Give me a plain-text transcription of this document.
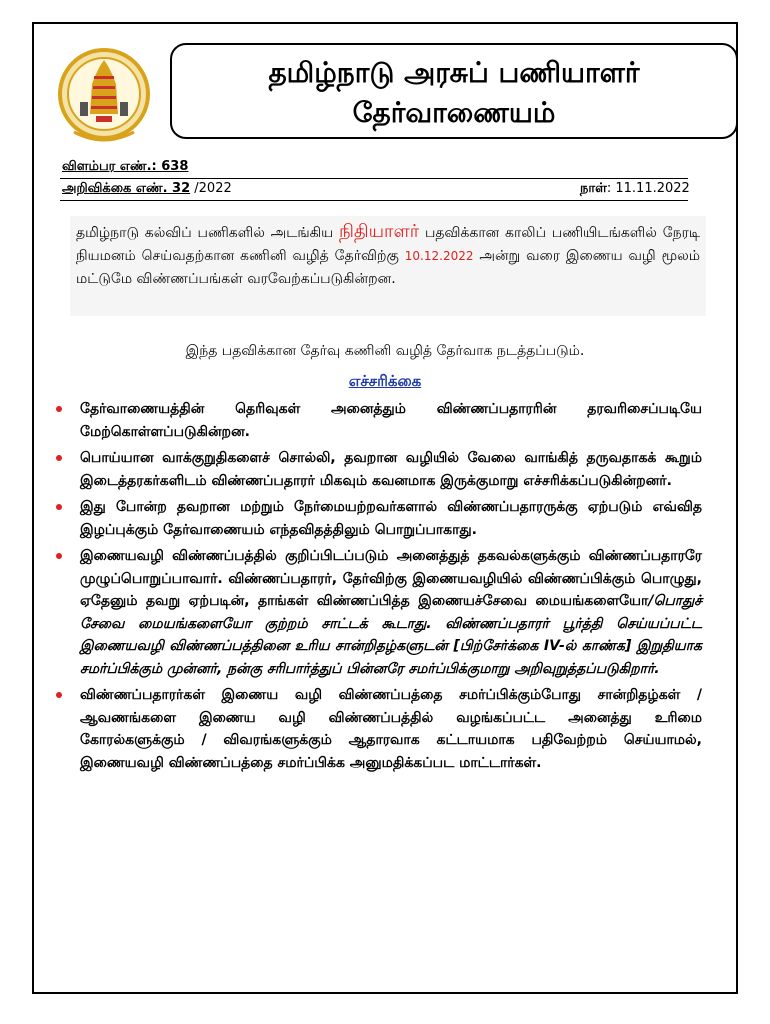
தமிழ்நாடு அரசுப் பணியாளர்
தேர்வாணையம்
விளம்பர எண்.: 638
அறிவிக்கை எண். 32 /2022	நாள்: 11.11.2022
தமிழ்நாடு கல்விப் பணிகளில் அடங்கிய நிதியாளர் பதவிக்கான காலிப் பணியிடங்களில் நேரடி நியமனம் செய்வதற்கான கணினி வழித் தேர்விற்கு 10.12.2022 அன்று வரை இணைய வழி மூலம் மட்டுமே விண்ணப்பங்கள் வரவேற்கப்படுகின்றன.
இந்த பதவிக்கான தேர்வு கணினி வழித் தேர்வாக நடத்தப்படும்.
எச்சரிக்கை
தேர்வாணையத்தின் தெரிவுகள் அனைத்தும் விண்ணப்பதாரரின் தரவரிசைப்படியே மேற்கொள்ளப்படுகின்றன.
பொய்யான வாக்குறுதிகளைச் சொல்லி, தவறான வழியில் வேலை வாங்கித் தருவதாகக் கூறும் இடைத்தரகர்களிடம் விண்ணப்பதாரர் மிகவும் கவனமாக இருக்குமாறு எச்சரிக்கப்படுகின்றனர்.
இது போன்ற தவறான மற்றும் நேர்மையற்றவர்களால் விண்ணப்பதாரருக்கு ஏற்படும் எவ்வித இழப்புக்கும் தேர்வாணையம் எந்தவிதத்திலும் பொறுப்பாகாது.
இணையவழி விண்ணப்பத்தில் குறிப்பிடப்படும் அனைத்துத் தகவல்களுக்கும் விண்ணப்பதாரரே முழுப்பொறுப்பாவார். விண்ணப்பதாரர், தேர்விற்கு இணையவழியில் விண்ணப்பிக்கும் பொழுது, ஏதேனும் தவறு ஏற்படின், தாங்கள் விண்ணப்பித்த இணையச்சேவை மையங்களையோ/பொதுச் சேவை மையங்களையோ குற்றம் சாட்டக் கூடாது. விண்ணப்பதாரர் பூர்த்தி செய்யப்பட்ட இணையவழி விண்ணப்பத்தினை உரிய சான்றிதழ்களுடன் [பிற்சேர்க்கை IV-ல் காண்க] இறுதியாக சமர்ப்பிக்கும் முன்னர், நன்கு சரிபார்த்துப் பின்னரே சமர்ப்பிக்குமாறு அறிவுறுத்தப்படுகிறார்.
விண்ணப்பதாரர்கள் இணைய வழி விண்ணப்பத்தை சமர்ப்பிக்கும்போது சான்றிதழ்கள் / ஆவணங்களை இணைய வழி விண்ணப்பத்தில் வழங்கப்பட்ட அனைத்து உரிமை கோரல்களுக்கும் / விவரங்களுக்கும் ஆதாரவாக கட்டாயமாக பதிவேற்றம் செய்யாமல், இணையவழி விண்ணப்பத்தை சமர்ப்பிக்க அனுமதிக்கப்பட மாட்டார்கள்.
